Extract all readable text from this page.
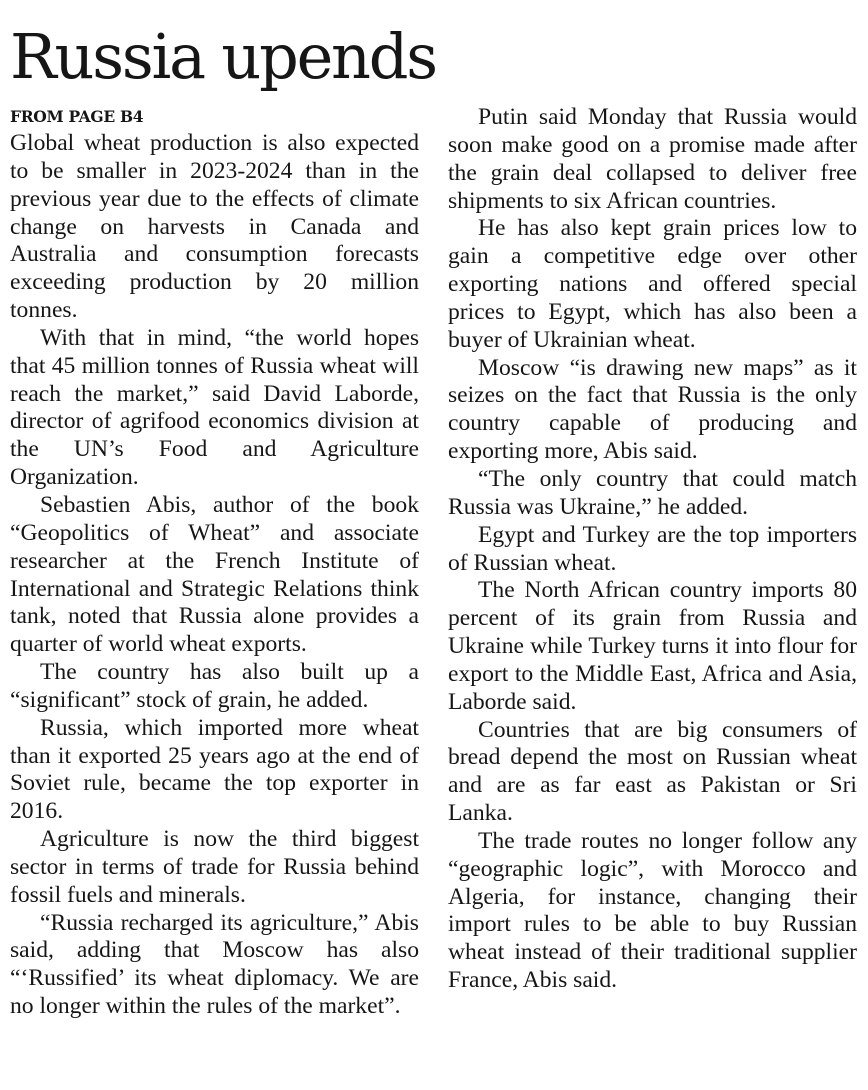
Russia upends
FROM PAGE B4

Global wheat production is also expected to be smaller in 2023-2024 than in the previous year due to the effects of climate change on harvests in Canada and Australia and consumption forecasts exceeding production by 20 million tonnes.

With that in mind, “the world hopes that 45 million tonnes of Russia wheat will reach the market,” said David Laborde, director of agrifood economics division at the UN’s Food and Agriculture Organization.

Sebastien Abis, author of the book “Geopolitics of Wheat” and associate researcher at the French Institute of International and Strategic Relations think tank, noted that Russia alone provides a quarter of world wheat exports.

The country has also built up a “significant” stock of grain, he added.

Russia, which imported more wheat than it exported 25 years ago at the end of Soviet rule, became the top exporter in 2016.

Agriculture is now the third biggest sector in terms of trade for Russia behind fossil fuels and minerals.

“Russia recharged its agriculture,” Abis said, adding that Moscow has also “‘Russified’ its wheat diplomacy. We are no longer within the rules of the market”.

Putin said Monday that Russia would soon make good on a promise made after the grain deal collapsed to deliver free shipments to six African countries.

He has also kept grain prices low to gain a competitive edge over other exporting nations and offered special prices to Egypt, which has also been a buyer of Ukrainian wheat.

Moscow “is drawing new maps” as it seizes on the fact that Russia is the only country capable of producing and exporting more, Abis said.

“The only country that could match Russia was Ukraine,” he added.

Egypt and Turkey are the top importers of Russian wheat.

The North African country imports 80 percent of its grain from Russia and Ukraine while Turkey turns it into flour for export to the Middle East, Africa and Asia, Laborde said.

Countries that are big consumers of bread depend the most on Russian wheat and are as far east as Pakistan or Sri Lanka.

The trade routes no longer follow any “geographic logic”, with Morocco and Algeria, for instance, changing their import rules to be able to buy Russian wheat instead of their traditional supplier France, Abis said.
